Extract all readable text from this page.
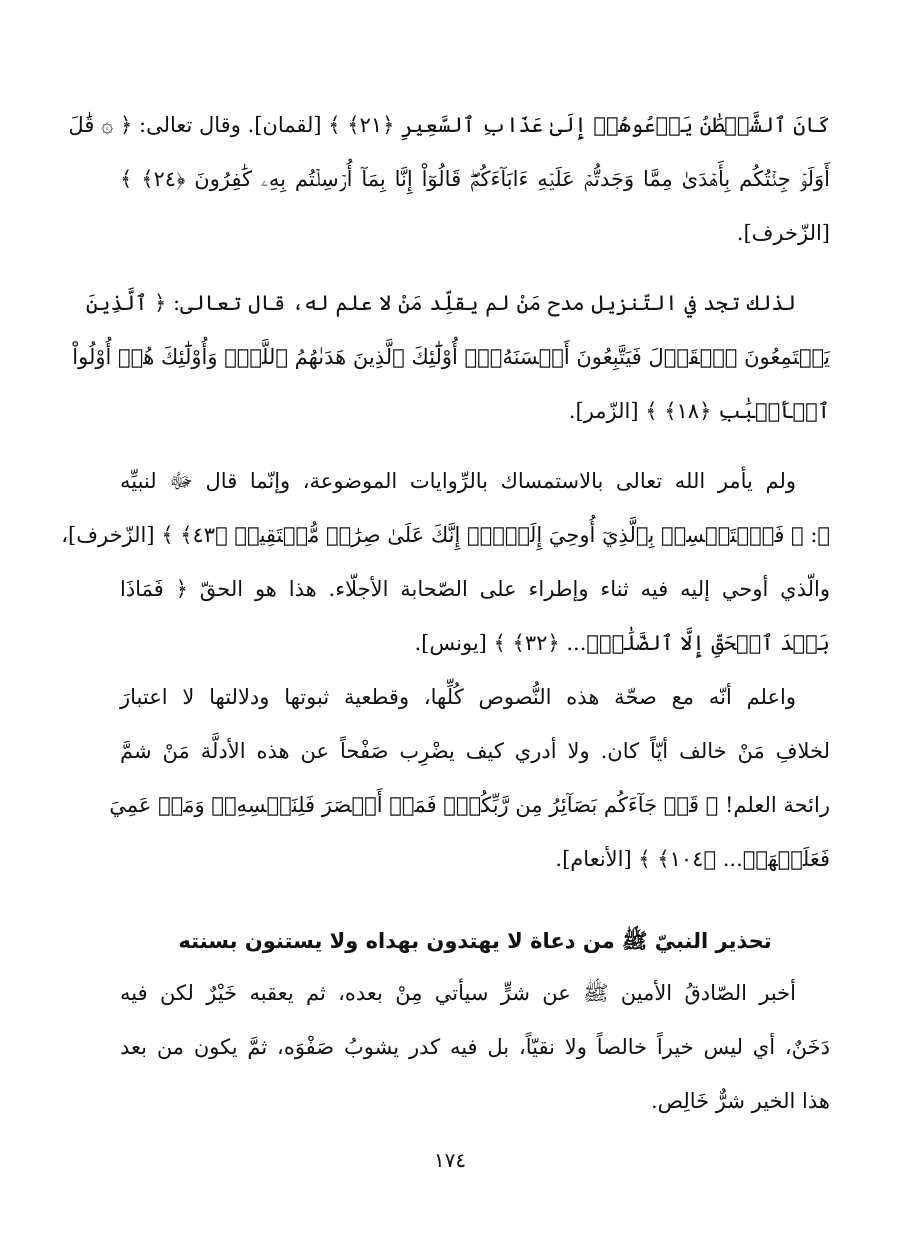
كَانَ ٱلشَّيۡطَٰنُ يَدۡعُوهُمۡ إِلَىٰ عَذَابِ ٱلسَّعِيرِ ﴿٢١﴾ ﴾ [لقمان]. وقال تعالى: ﴿ ۞ قَٰلَ
أَوَلَوۡ جِئۡتُكُم بِأَهۡدَىٰ مِمَّا وَجَدتُّمۡ عَلَيۡهِ ءَابَآءَكُمۡۖ قَالُوٓاْ إِنَّا بِمَآ أُرۡسِلۡتُم بِهِۦ كَٰفِرُونَ ﴿٢٤﴾ ﴾
[الزّخرف].
لذلك تجد في التّنزيل مدح مَنْ لم يقلِّد مَنْ لا علم له، قال تعالى: ﴿ ٱلَّذِينَ
يَسۡتَمِعُونَ ٱلۡقَوۡلَ فَيَتَّبِعُونَ أَحۡسَنَهُۥٓۚ أُوْلَٰٓئِكَ ٱلَّذِينَ هَدَىٰهُمُ ٱللَّهُۖ وَأُوْلَٰٓئِكَ هُمۡ أُوْلُواْ
ٱلۡأَلۡبَٰبِ ﴿١٨﴾ ﴾ [الزّمر].
ولم يأمر الله تعالى بالاستمساك بالرِّوايات الموضوعة، وإنّما قال ﷻ لنبيِّه
ﷺ: ﴿ فَٱسۡتَمۡسِكۡ بِٱلَّذِيٓ أُوحِيَ إِلَيۡكَۖ إِنَّكَ عَلَىٰ صِرَٰطٖ مُّسۡتَقِيمٖ ﴿٤٣﴾ ﴾ [الزّخرف]،
والّذي أوحي إليه فيه ثناء وإطراء على الصّحابة الأجلّاء. هذا هو الحقّ ﴿ فَمَاذَا
بَعۡدَ ٱلۡحَقِّ إِلَّا ٱلضَّلَٰلُۖ... ﴿٣٢﴾ ﴾ [يونس].
واعلم أنّه مع صحّة هذه النُّصوص كُلِّها، وقطعية ثبوتها ودلالتها لا اعتبارَ
لخلافِ مَنْ خالف أيّاً كان. ولا أدري كيف يضْرِب صَفْحاً عن هذه الأدلَّة مَنْ شمَّ
رائحة العلم! ﴿ قَدۡ جَآءَكُم بَصَآئِرُ مِن رَّبِّكُمۡۖ فَمَنۡ أَبۡصَرَ فَلِنَفۡسِهِۦۖ وَمَنۡ عَمِيَ
فَعَلَيۡهَاۚ... ﴿١٠٤﴾ ﴾ [الأنعام].
تحذير النبيّ ﷺ من دعاة لا يهتدون بهداه ولا يستنون بسنته
أخبر الصّادقُ الأمين ﷺ عن شرٍّ سيأتي مِنْ بعده، ثم يعقبه خَيْرٌ لكن فيه
دَخَنٌ، أي ليس خيراً خالصاً ولا نقيّاً، بل فيه كدر يشوبُ صَفْوَه، ثمَّ يكون من بعد
هذا الخير شرٌّ خَالِص.
١٧٤
